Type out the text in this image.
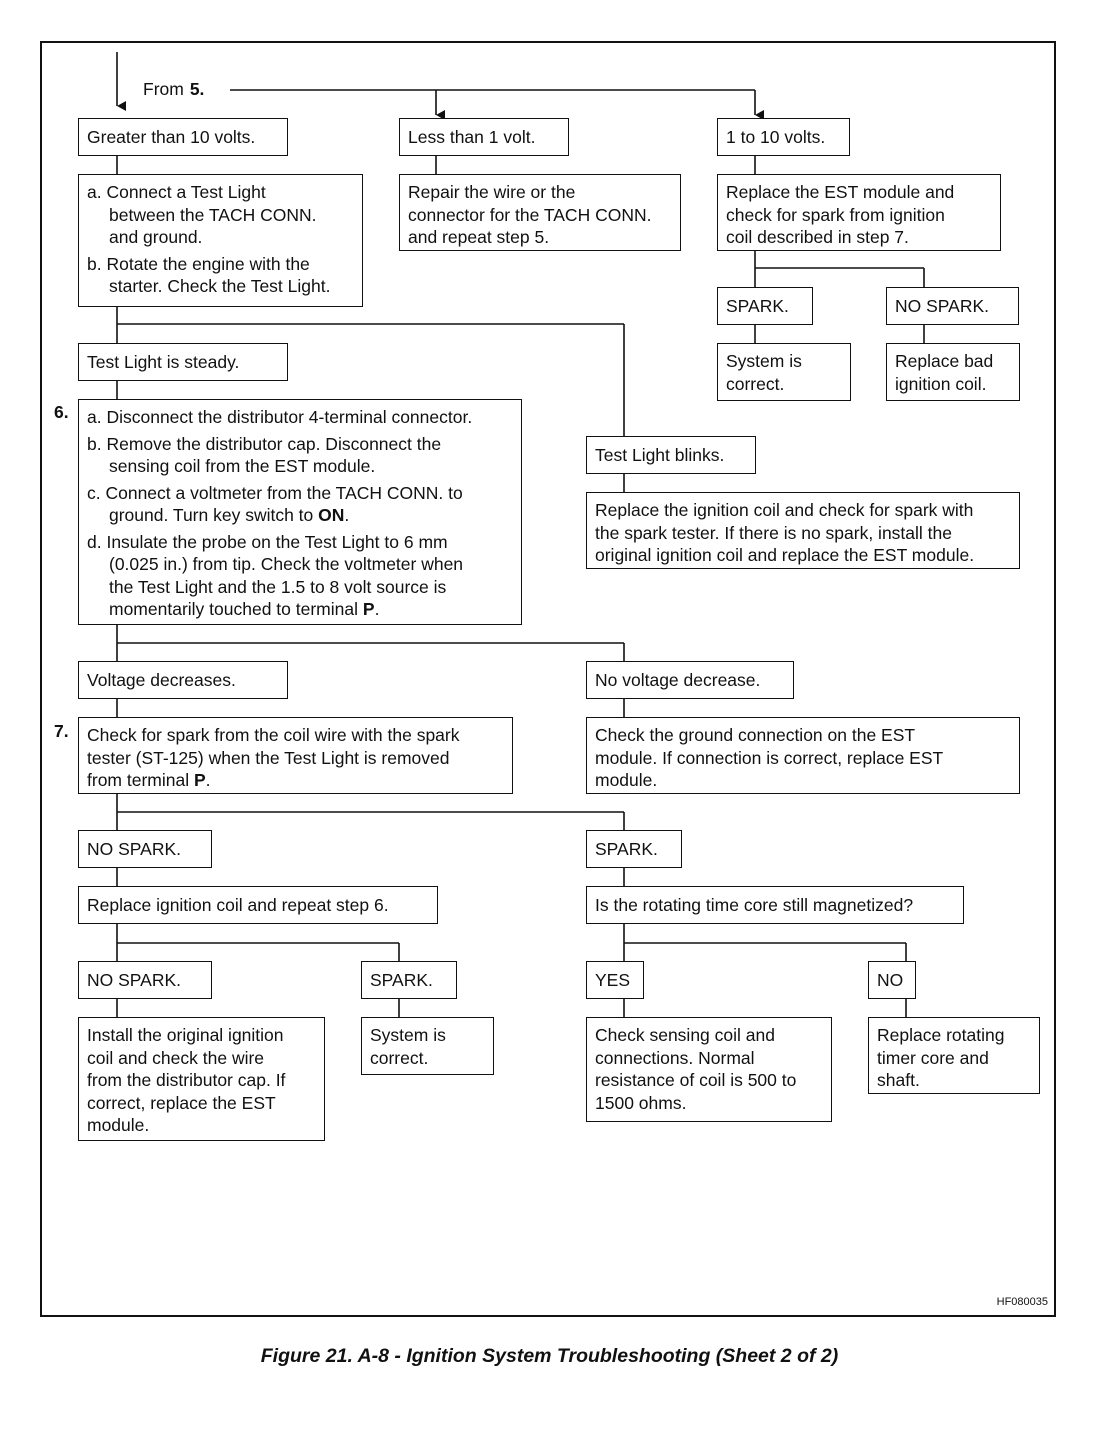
From 5.
Greater than 10 volts.	Less than 1 volt.	1 to 10 volts.
a. Connect a Test Light
between the TACH CONN.
and ground.
b. Rotate the engine with the
starter. Check the Test Light.
Repair the wire or the
connector for the TACH CONN.
and repeat step 5.
Replace the EST module and
check for spark from ignition
coil described in step 7.
SPARK.	NO SPARK.
System is
correct.
Replace bad
ignition coil.
Test Light is steady.
6. a. Disconnect the distributor 4-terminal connector.
b. Remove the distributor cap. Disconnect the
sensing coil from the EST module.
c. Connect a voltmeter from the TACH CONN. to
ground. Turn key switch to ON.
d. Insulate the probe on the Test Light to 6 mm
(0.025 in.) from tip. Check the voltmeter when
the Test Light and the 1.5 to 8 volt source is
momentarily touched to terminal P.
Test Light blinks.
Replace the ignition coil and check for spark with
the spark tester. If there is no spark, install the
original ignition coil and replace the EST module.
Voltage decreases.	No voltage decrease.
7. Check for spark from the coil wire with the spark
tester (ST-125) when the Test Light is removed
from terminal P.
Check the ground connection on the EST
module. If connection is correct, replace EST
module.
NO SPARK.	SPARK.
Replace ignition coil and repeat step 6.	Is the rotating time core still magnetized?
NO SPARK.	SPARK.	YES	NO
Install the original ignition
coil and check the wire
from the distributor cap. If
correct, replace the EST
module.
System is
correct.
Check sensing coil and
connections. Normal
resistance of coil is 500 to
1500 ohms.
Replace rotating
timer core and
shaft.
HF080035
Figure 21. A-8 - Ignition System Troubleshooting (Sheet 2 of 2)
